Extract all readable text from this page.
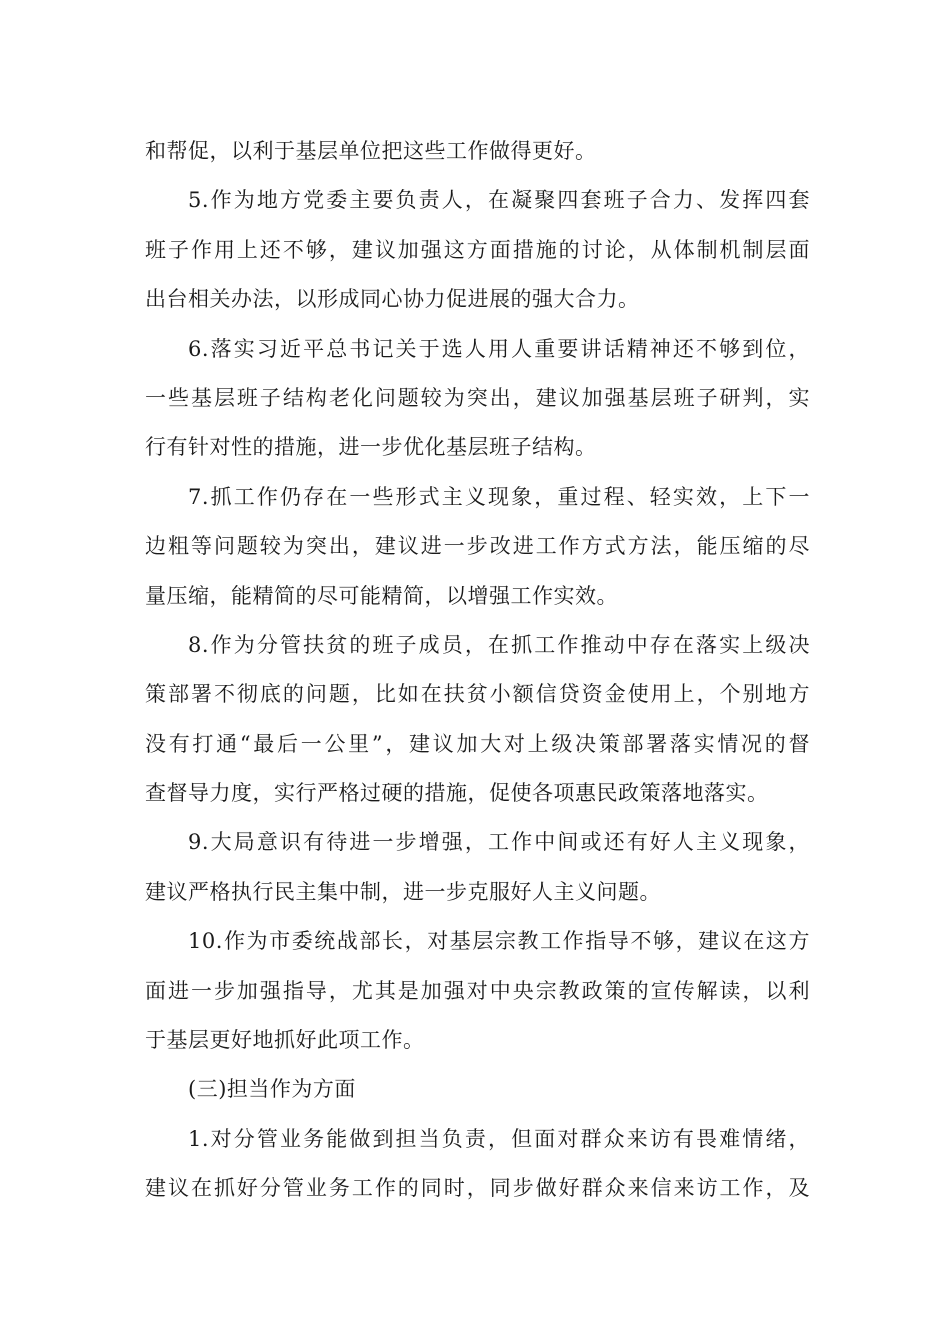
和帮促，以利于基层单位把这些工作做得更好。
5.作为地方党委主要负责人，在凝聚四套班子合力、发挥四套
班子作用上还不够，建议加强这方面措施的讨论，从体制机制层面
出台相关办法，以形成同心协力促进展的强大合力。
6.落实习近平总书记关于选人用人重要讲话精神还不够到位，
一些基层班子结构老化问题较为突出，建议加强基层班子研判，实
行有针对性的措施，进一步优化基层班子结构。
7.抓工作仍存在一些形式主义现象，重过程、轻实效，上下一
边粗等问题较为突出，建议进一步改进工作方式方法，能压缩的尽
量压缩，能精简的尽可能精简，以增强工作实效。
8.作为分管扶贫的班子成员，在抓工作推动中存在落实上级决
策部署不彻底的问题，比如在扶贫小额信贷资金使用上，个别地方
没有打通“最后一公里”，建议加大对上级决策部署落实情况的督
查督导力度，实行严格过硬的措施，促使各项惠民政策落地落实。
9.大局意识有待进一步增强，工作中间或还有好人主义现象，
建议严格执行民主集中制，进一步克服好人主义问题。
10.作为市委统战部长，对基层宗教工作指导不够，建议在这方
面进一步加强指导，尤其是加强对中央宗教政策的宣传解读，以利
于基层更好地抓好此项工作。
(三)担当作为方面
1.对分管业务能做到担当负责，但面对群众来访有畏难情绪，
建议在抓好分管业务工作的同时，同步做好群众来信来访工作，及
